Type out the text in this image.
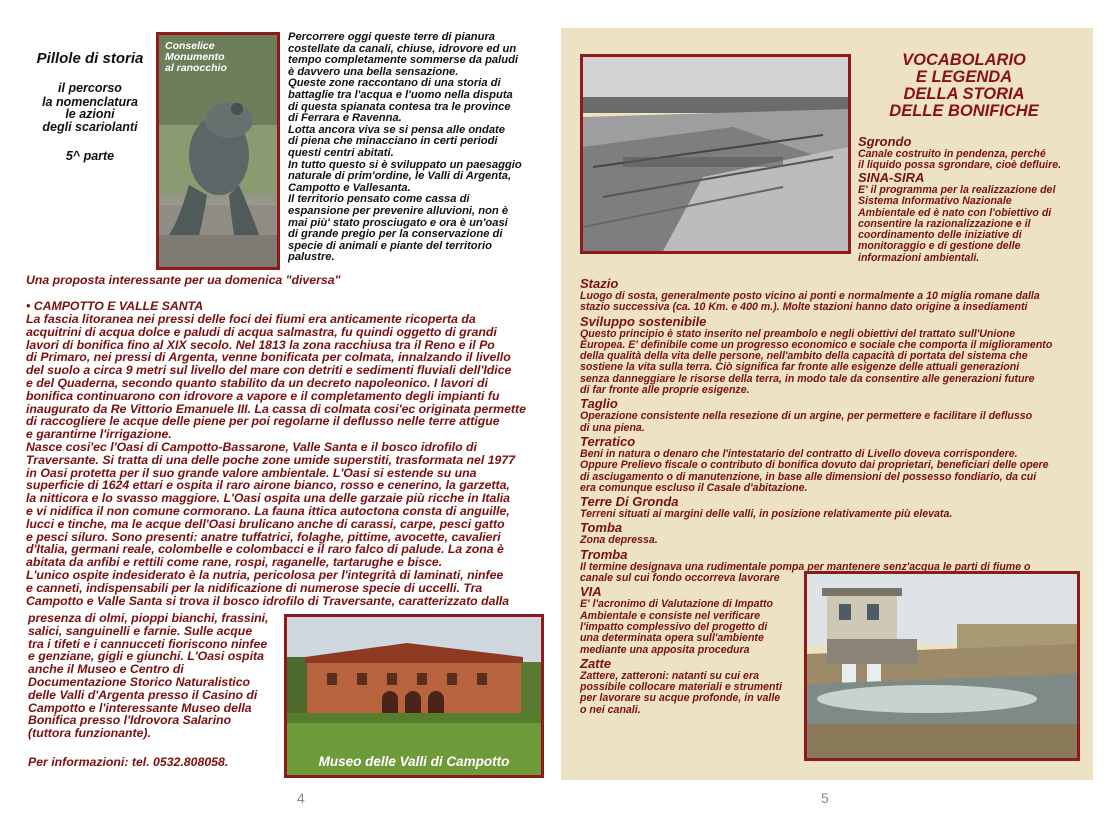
Pillole di storia
il percorso
la nomenclatura
le azioni
degli scariolanti
5^ parte
Conselice
Monumento
al ranocchio
Percorrere oggi queste terre di pianura
costellate da canali, chiuse, idrovore ed un
tempo completamente sommerse da paludi
è davvero una bella sensazione.
Queste zone raccontano di una storia di
battaglie tra l'acqua e l'uomo nella disputa
di questa spianata contesa tra le province
di Ferrara e Ravenna.
Lotta ancora viva se si pensa alle ondate
di piena che minacciano in certi periodi
questi centri abitati.
In tutto questo si è sviluppato un paesaggio
naturale di prim'ordine, le Valli di Argenta,
Campotto e Vallesanta.
Il territorio pensato come cassa di
espansione per prevenire alluvioni, non è
mai più' stato prosciugato e ora è un'oasi
di grande pregio per la conservazione di
specie di animali e piante del territorio
palustre.
Una proposta interessante per ua domenica "diversa"
• CAMPOTTO E VALLE SANTA
La fascia litoranea nei pressi delle foci dei fiumi era anticamente ricoperta da
acquitrini di acqua dolce e paludi di acqua salmastra, fu quindi oggetto di grandi
lavori di bonifica fino al XIX secolo. Nel 1813 la zona racchiusa tra il Reno e il Po
di Primaro, nei pressi di Argenta, venne bonificata per colmata, innalzando il livello
del suolo a circa 9 metri sul livello del mare con detriti e sedimenti fluviali dell'Idice
e del Quaderna, secondo quanto stabilito da un decreto napoleonico. I lavori di
bonifica continuarono con idrovore a vapore e il completamento degli impianti fu
inaugurato da Re Vittorio Emanuele III. La cassa di colmata cosi'ec originata permette
di raccogliere le acque delle piene per poi regolarne il deflusso nelle terre attigue
e garantirne l'irrigazione.
Nasce cosi'ec l'Oasi di Campotto-Bassarone, Valle Santa e il bosco idrofilo di
Traversante. Si tratta di una delle poche zone umide superstiti, trasformata nel 1977
in Oasi protetta per il suo grande valore ambientale. L'Oasi si estende su una
superficie di 1624 ettari e ospita il raro airone bianco, rosso e cenerino, la garzetta,
la nitticora e lo svasso maggiore. L'Oasi ospita una delle garzaie più ricche in Italia
e vi nidifica il non comune cormorano. La fauna ittica autoctona consta di anguille,
lucci e tinche, ma le acque dell'Oasi brulicano anche di carassi, carpe, pesci gatto
e pesci siluro. Sono presenti: anatre tuffatrici, folaghe, pittime, avocette, cavalieri
d'Italia, germani reale, colombelle e colombacci e il raro falco di palude. La zona è
abitata da anfibi e rettili come rane, rospi, raganelle, tartarughe e bisce.
L'unico ospite indesiderato è la nutria, pericolosa per l'integrità di laminati, ninfee
e canneti, indispensabili per la nidificazione di numerose specie di uccelli. Tra
Campotto e Valle Santa si trova il bosco idrofilo di Traversante, caratterizzato dalla
presenza di olmi, pioppi bianchi, frassini,
salici, sanguinelli e farnie. Sulle acque
tra i tifeti e i cannucceti fioriscono ninfee
e genziane, gigli e giunchi. L'Oasi ospita
anche il Museo e Centro di
Documentazione Storico Naturalistico
delle Valli d'Argenta presso il Casino di
Campotto e l'interessante Museo della
Bonifica presso l'Idrovora Salarino
(tuttora funzionante).
Per informazioni: tel. 0532.808058.	Museo delle Valli di Campotto
4
VOCABOLARIO
E LEGENDA
DELLA STORIA
DELLE BONIFICHE
Sgrondo
Canale costruito in pendenza, perché
il liquido possa sgrondare, cioè defluire.
SINA-SIRA
E' il programma per la realizzazione del
Sistema Informativo Nazionale
Ambientale ed è nato con l'obiettivo di
consentire la razionalizzazione e il
coordinamento delle iniziative di
monitoraggio e di gestione delle
informazioni ambientali.
Stazio
Luogo di sosta, generalmente posto vicino ai ponti e normalmente a 10 miglia romane dalla
stazio successiva (ca. 10 Km. e 400 m.). Molte stazioni hanno dato origine a insediamenti
Sviluppo sostenibile
Questo principio è stato inserito nel preambolo e negli obiettivi del trattato sull'Unione
Europea. E' definibile come un progresso economico e sociale che comporta il miglioramento
della qualità della vita delle persone, nell'ambito della capacità di portata del sistema che
sostiene la vita sulla terra. Ciò significa far fronte alle esigenze delle attuali generazioni
senza danneggiare le risorse della terra, in modo tale da consentire alle generazioni future
di far fronte alle proprie esigenze.
Taglio
Operazione consistente nella resezione di un argine, per permettere e facilitare il deflusso
di una piena.
Terratico
Beni in natura o denaro che l'intestatario del contratto di Livello doveva corrispondere.
Oppure Prelievo fiscale o contributo di bonifica dovuto dai proprietari, beneficiari delle opere
di asciugamento o di manutenzione, in base alle dimensioni del possesso fondiario, da cui
era comunque escluso il Casale d'abitazione.
Terre Di Gronda
Terreni situati ai margini delle valli, in posizione relativamente più elevata.
Tomba
Zona depressa.
Tromba
Il termine designava una rudimentale pompa per mantenere senz'acqua le parti di fiume o
canale sul cui fondo occorreva lavorare
VIA
E' l'acronimo di Valutazione di Impatto
Ambientale e consiste nel verificare
l'impatto complessivo del progetto di
una determinata opera sull'ambiente
mediante una apposita procedura
Zatte
Zattere, zatteroni: natanti su cui era
possibile collocare materiali e strumenti
per lavorare su acque profonde, in valle
o nei canali.
5
